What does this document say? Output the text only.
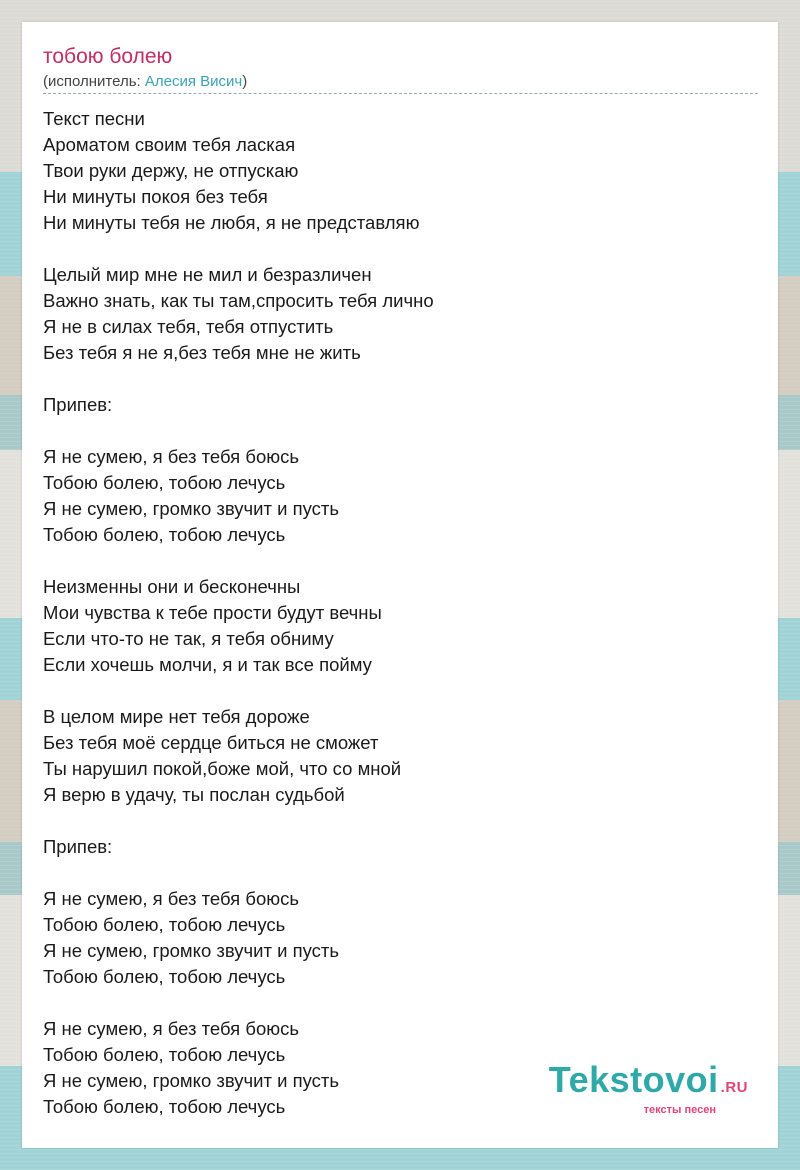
тобою болею
(исполнитель: Алесия Висич)
Текст песни
Ароматом своим тебя лаская
Твои руки держу, не отпускаю
Ни минуты покоя без тебя
Ни минуты тебя не любя, я не представляю
Целый мир мне не мил и безразличен
Важно знать, как ты там,спросить тебя лично
Я не в силах тебя, тебя отпустить
Без тебя я не я,без тебя мне не жить
Припев:
Я не сумею, я без тебя боюсь
Тобою болею, тобою лечусь
Я не сумею, громко звучит и пусть
Тобою болею, тобою лечусь
Неизменны они и бесконечны
Мои чувства к тебе прости будут вечны
Если что-то не так, я тебя обниму
Если хочешь молчи, я и так все пойму
В целом мире нет тебя дороже
Без тебя моё сердце биться не сможет
Ты нарушил покой,боже мой, что со мной
Я верю в удачу, ты послан судьбой
Припев:
Я не сумею, я без тебя боюсь
Тобою болею, тобою лечусь
Я не сумею, громко звучит и пусть
Тобою болею, тобою лечусь
Я не сумею, я без тебя боюсь
Тобою болею, тобою лечусь
Я не сумею, громко звучит и пусть
Тобою болею, тобою лечусь
Tekstovoi .RU
тексты песен
